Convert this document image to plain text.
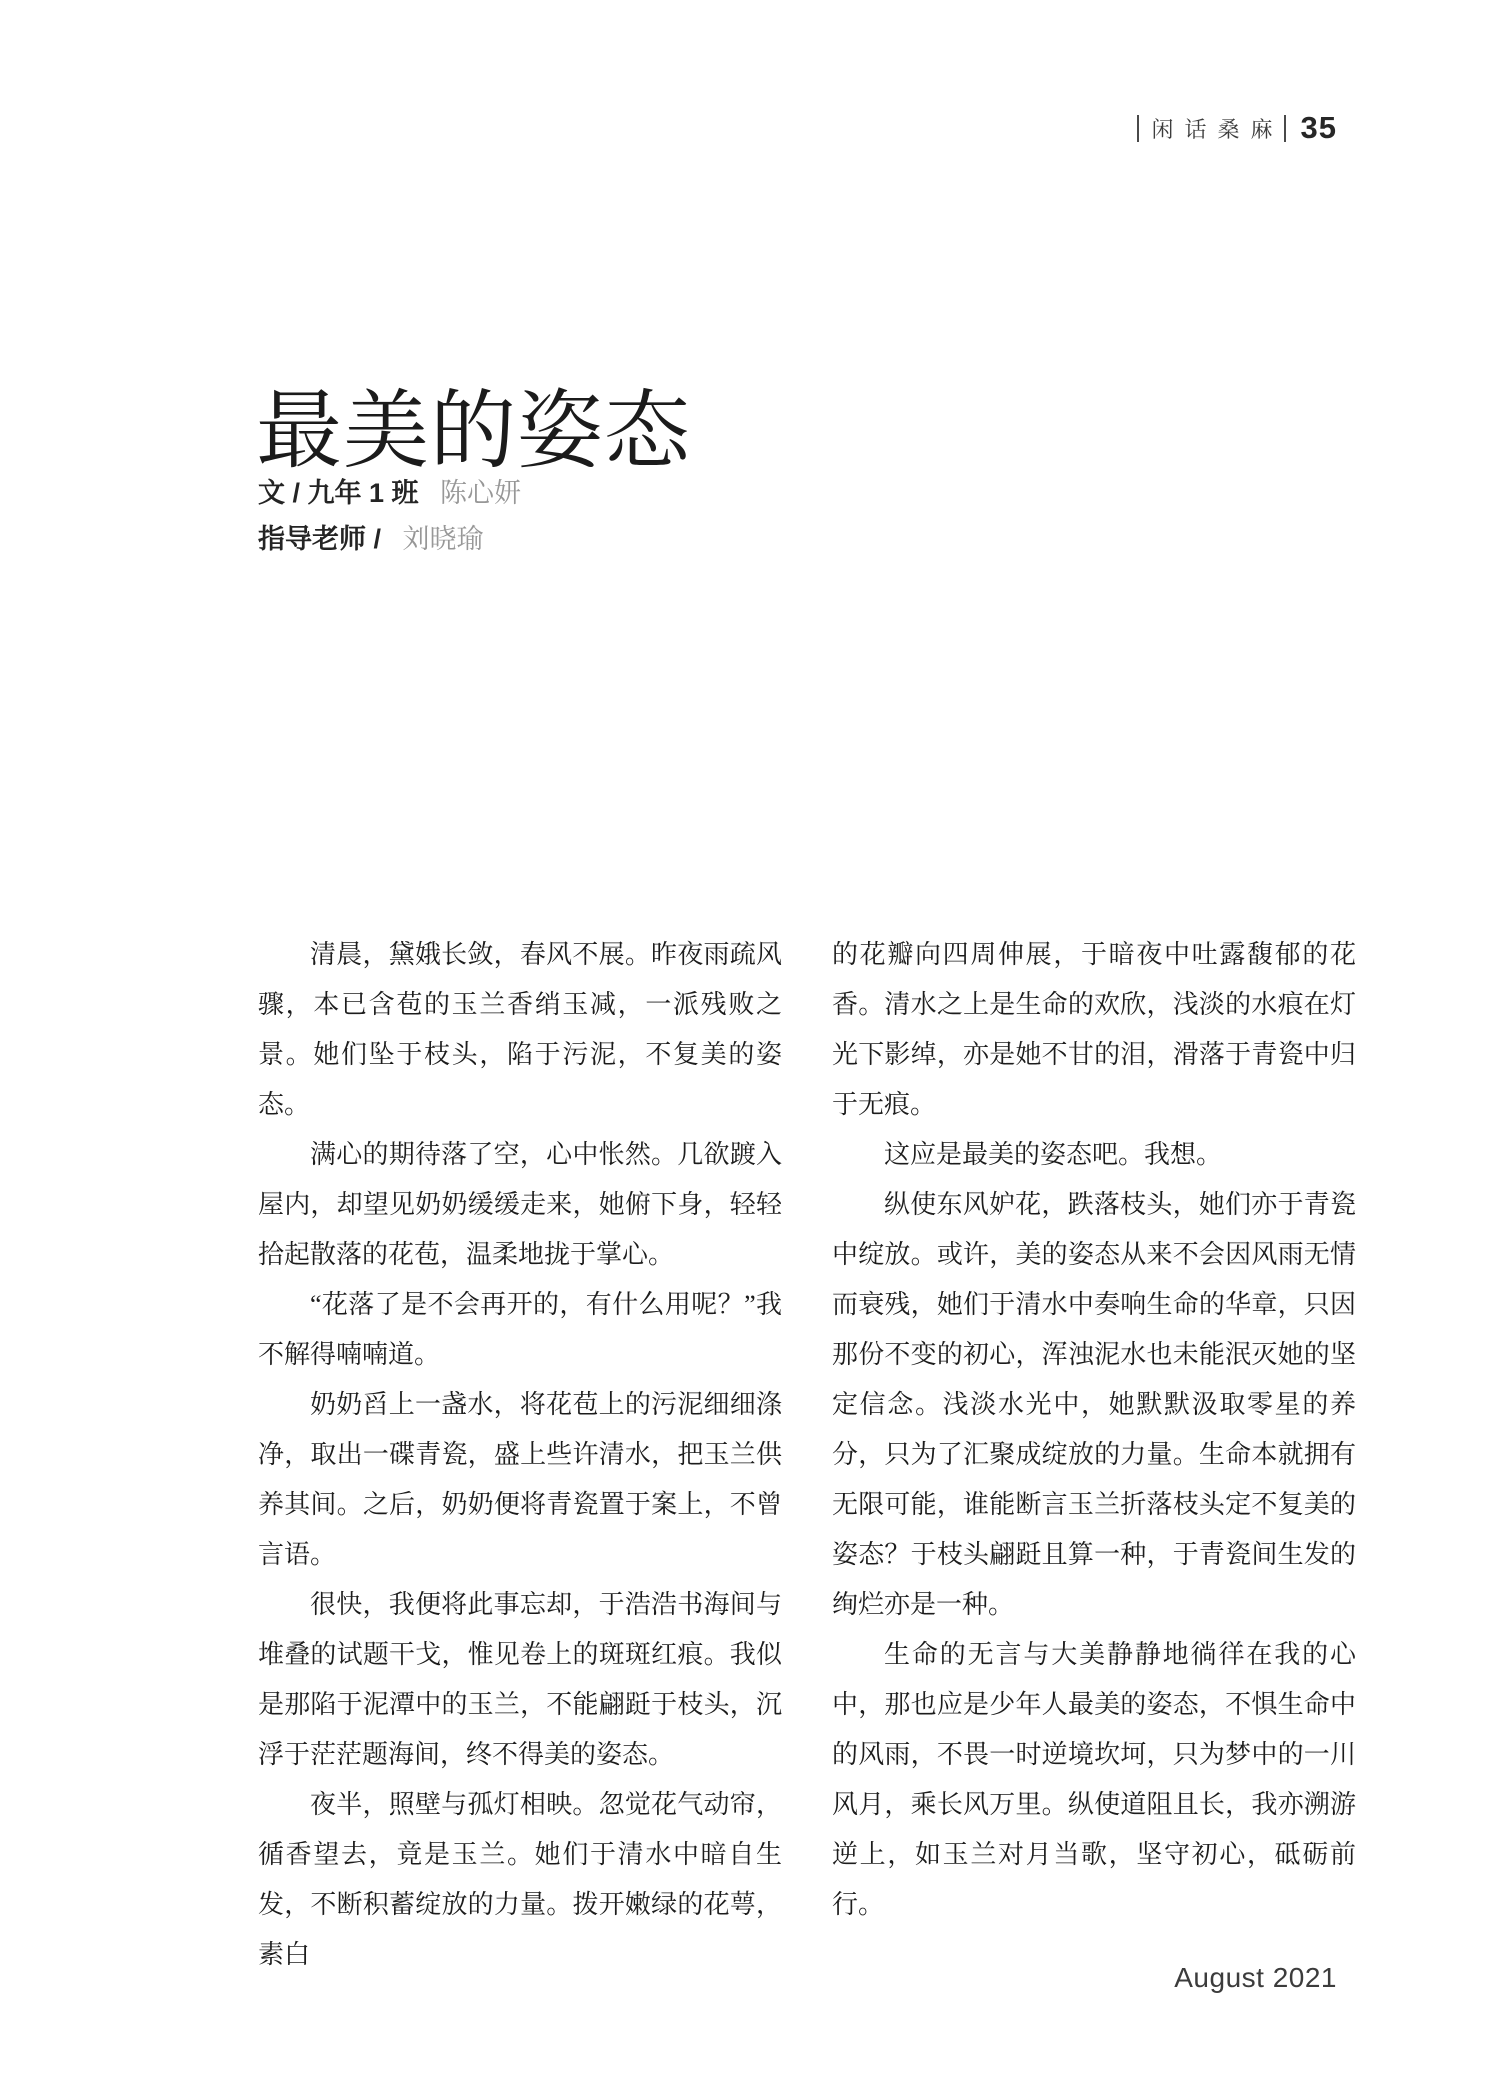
闲话桑麻 35
最美的姿态
文 / 九年 1 班 陈心妍
指导老师 / 刘晓瑜

清晨，黛娥长敛，春风不展。昨夜雨疏风骤，本已含苞的玉兰香绡玉减，一派残败之景。她们坠于枝头，陷于污泥，不复美的姿态。

满心的期待落了空，心中怅然。几欲踱入屋内，却望见奶奶缓缓走来，她俯下身，轻轻拾起散落的花苞，温柔地拢于掌心。

“花落了是不会再开的，有什么用呢？”我不解得喃喃道。

奶奶舀上一盏水，将花苞上的污泥细细涤净，取出一碟青瓷，盛上些许清水，把玉兰供养其间。之后，奶奶便将青瓷置于案上，不曾言语。

很快，我便将此事忘却，于浩浩书海间与堆叠的试题干戈，惟见卷上的斑斑红痕。我似是那陷于泥潭中的玉兰，不能翩跹于枝头，沉浮于茫茫题海间，终不得美的姿态。

夜半，照壁与孤灯相映。忽觉花气动帘，循香望去，竟是玉兰。她们于清水中暗自生发，不断积蓄绽放的力量。拨开嫩绿的花萼，素白

的花瓣向四周伸展，于暗夜中吐露馥郁的花香。清水之上是生命的欢欣，浅淡的水痕在灯光下影绰，亦是她不甘的泪，滑落于青瓷中归于无痕。

这应是最美的姿态吧。我想。

纵使东风妒花，跌落枝头，她们亦于青瓷中绽放。或许，美的姿态从来不会因风雨无情而衰残，她们于清水中奏响生命的华章，只因那份不变的初心，浑浊泥水也未能泯灭她的坚定信念。浅淡水光中，她默默汲取零星的养分，只为了汇聚成绽放的力量。生命本就拥有无限可能，谁能断言玉兰折落枝头定不复美的姿态？于枝头翩跹且算一种，于青瓷间生发的绚烂亦是一种。

生命的无言与大美静静地徜徉在我的心中，那也应是少年人最美的姿态，不惧生命中的风雨，不畏一时逆境坎坷，只为梦中的一川风月，乘长风万里。纵使道阻且长，我亦溯游逆上，如玉兰对月当歌，坚守初心，砥砺前行。

August 2021
